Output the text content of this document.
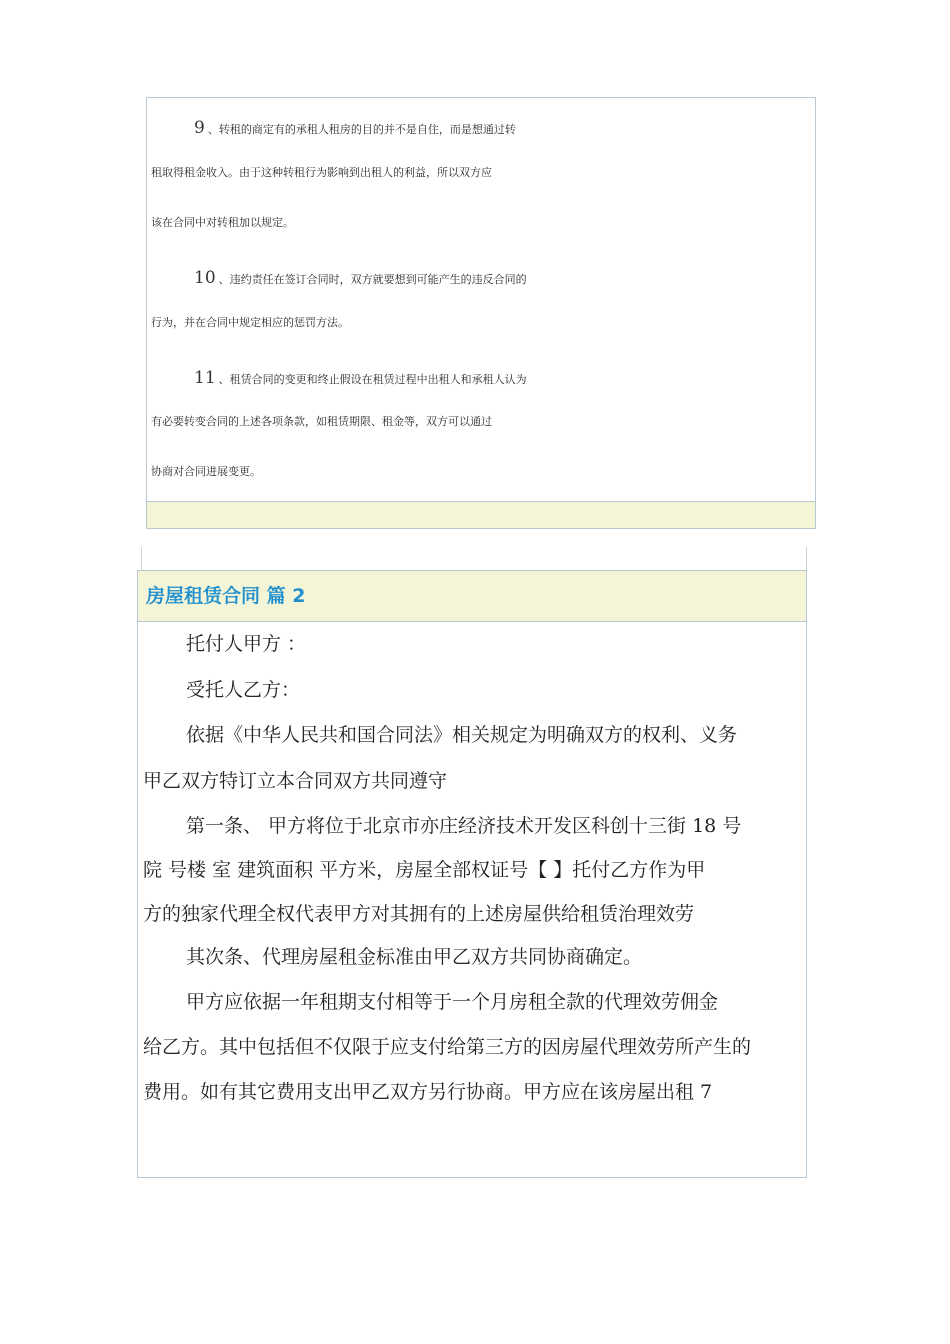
9 、转租的商定有的承租人租房的目的并不是自住，而是想通过转
租取得租金收入。由于这种转租行为影响到出租人的利益，所以双方应
该在合同中对转租加以规定。
10 、违约责任在签订合同时，双方就要想到可能产生的违反合同的
行为，并在合同中规定相应的惩罚方法。
11 、租赁合同的变更和终止假设在租赁过程中出租人和承租人认为
有必要转变合同的上述各项条款，如租赁期限、租金等，双方可以通过
协商对合同进展变更。
房屋租赁合同 篇 2
托付人甲方 ：
受托人乙方：
依据《中华人民共和国合同法》相关规定为明确双方的权利、义务
甲乙双方特订立本合同双方共同遵守
第一条、 甲方将位于北京市亦庄经济技术开发区科创十三街 18 号
院 号楼 室 建筑面积 平方米，房屋全部权证号【 】托付乙方作为甲
方的独家代理全权代表甲方对其拥有的上述房屋供给租赁治理效劳
其次条、代理房屋租金标准由甲乙双方共同协商确定。
甲方应依据一年租期支付相等于一个月房租全款的代理效劳佣金
给乙方。其中包括但不仅限于应支付给第三方的因房屋代理效劳所产生的
费用。如有其它费用支出甲乙双方另行协商。甲方应在该房屋出租 7
